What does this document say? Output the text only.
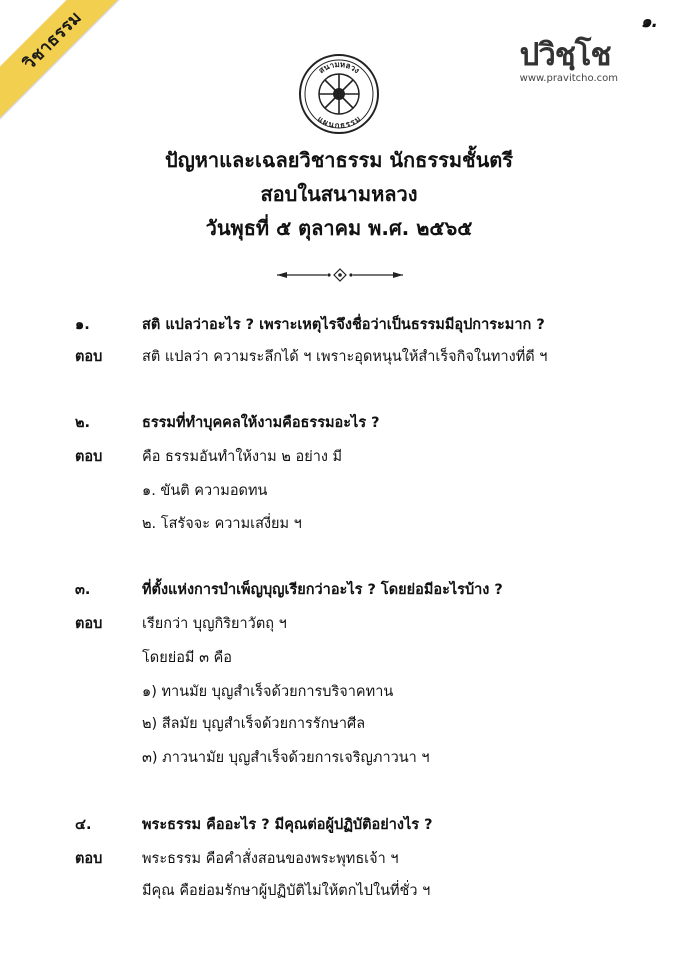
วิชาธรรม	๑.
ปวิชฺโช
www.pravitcho.com
สนามหลวง
แผนกธรรม
ปัญหาและเฉลยวิชาธรรม นักธรรมชั้นตรี
สอบในสนามหลวง
วันพุธที่ ๕ ตุลาคม พ.ศ. ๒๕๖๕
๑.	สติ แปลว่าอะไร ? เพราะเหตุไรจึงชื่อว่าเป็นธรรมมีอุปการะมาก ?
ตอบ	สติ แปลว่า ความระลึกได้ ฯ เพราะอุดหนุนให้สำเร็จกิจในทางที่ดี ฯ
๒.	ธรรมที่ทำบุคคลให้งามคือธรรมอะไร ?
ตอบ	คือ ธรรมอันทำให้งาม ๒ อย่าง มี
๑. ขันติ ความอดทน
๒. โสรัจจะ ความเสงี่ยม ฯ
๓.	ที่ตั้งแห่งการบำเพ็ญบุญเรียกว่าอะไร ? โดยย่อมีอะไรบ้าง ?
ตอบ	เรียกว่า บุญกิริยาวัตถุ ฯ
โดยย่อมี ๓ คือ
๑) ทานมัย บุญสำเร็จด้วยการบริจาคทาน
๒) สีลมัย บุญสำเร็จด้วยการรักษาศีล
๓) ภาวนามัย บุญสำเร็จด้วยการเจริญภาวนา ฯ
๔.	พระธรรม คืออะไร ? มีคุณต่อผู้ปฏิบัติอย่างไร ?
ตอบ	พระธรรม คือคำสั่งสอนของพระพุทธเจ้า ฯ
มีคุณ คือย่อมรักษาผู้ปฏิบัติไม่ให้ตกไปในที่ชั่ว ฯ
